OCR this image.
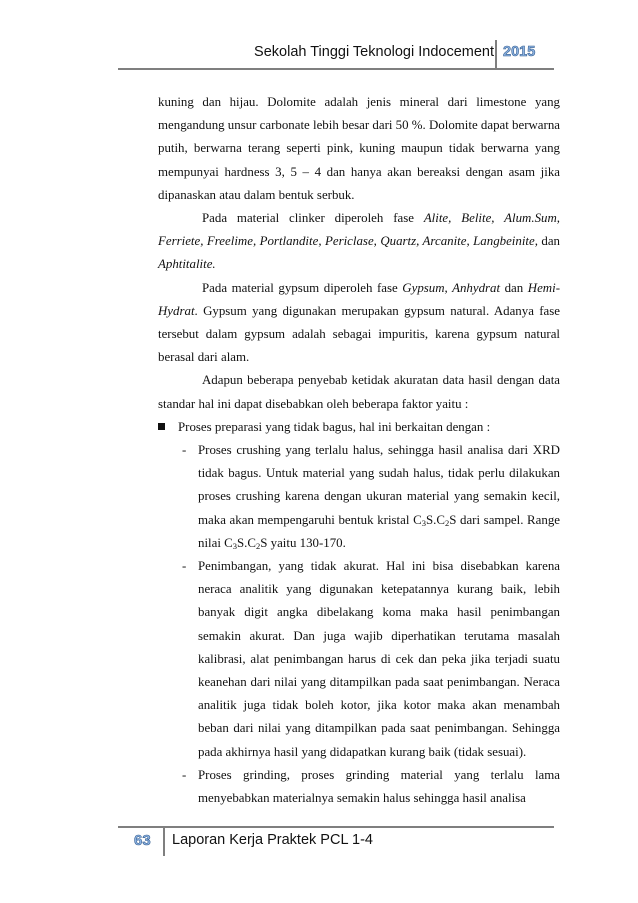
Sekolah Tinggi Teknologi Indocement 2015

kuning dan hijau. Dolomite adalah jenis mineral dari limestone yang mengandung unsur carbonate lebih besar dari 50 %. Dolomite dapat berwarna putih, berwarna terang seperti pink, kuning maupun tidak berwarna yang mempunyai hardness 3, 5 – 4 dan hanya akan bereaksi dengan asam jika dipanaskan atau dalam bentuk serbuk.

Pada material clinker diperoleh fase Alite, Belite, Alum.Sum, Ferriete, Freelime, Portlandite, Periclase, Quartz, Arcanite, Langbeinite, dan Aphtitalite.

Pada material gypsum diperoleh fase Gypsum, Anhydrat dan Hemi-Hydrat. Gypsum yang digunakan merupakan gypsum natural. Adanya fase tersebut dalam gypsum adalah sebagai impuritis, karena gypsum natural berasal dari alam.

Adapun beberapa penyebab ketidak akuratan data hasil dengan data standar hal ini dapat disebabkan oleh beberapa faktor yaitu :

Proses preparasi yang tidak bagus, hal ini berkaitan dengan :

- Proses crushing yang terlalu halus, sehingga hasil analisa dari XRD tidak bagus. Untuk material yang sudah halus, tidak perlu dilakukan proses crushing karena dengan ukuran material yang semakin kecil, maka akan mempengaruhi bentuk kristal $C_3S.C_2S$ dari sampel. Range nilai $C_3S.C_2S$ yaitu 130-170.

- Penimbangan, yang tidak akurat. Hal ini bisa disebabkan karena neraca analitik yang digunakan ketepatannya kurang baik, lebih banyak digit angka dibelakang koma maka hasil penimbangan semakin akurat. Dan juga wajib diperhatikan terutama masalah kalibrasi, alat penimbangan harus di cek dan peka jika terjadi suatu keanehan dari nilai yang ditampilkan pada saat penimbangan. Neraca analitik juga tidak boleh kotor, jika kotor maka akan menambah beban dari nilai yang ditampilkan pada saat penimbangan. Sehingga pada akhirnya hasil yang didapatkan kurang baik (tidak sesuai).

- Proses grinding, proses grinding material yang terlalu lama menyebabkan materialnya semakin halus sehingga hasil analisa

63 Laporan Kerja Praktek PCL 1-4
